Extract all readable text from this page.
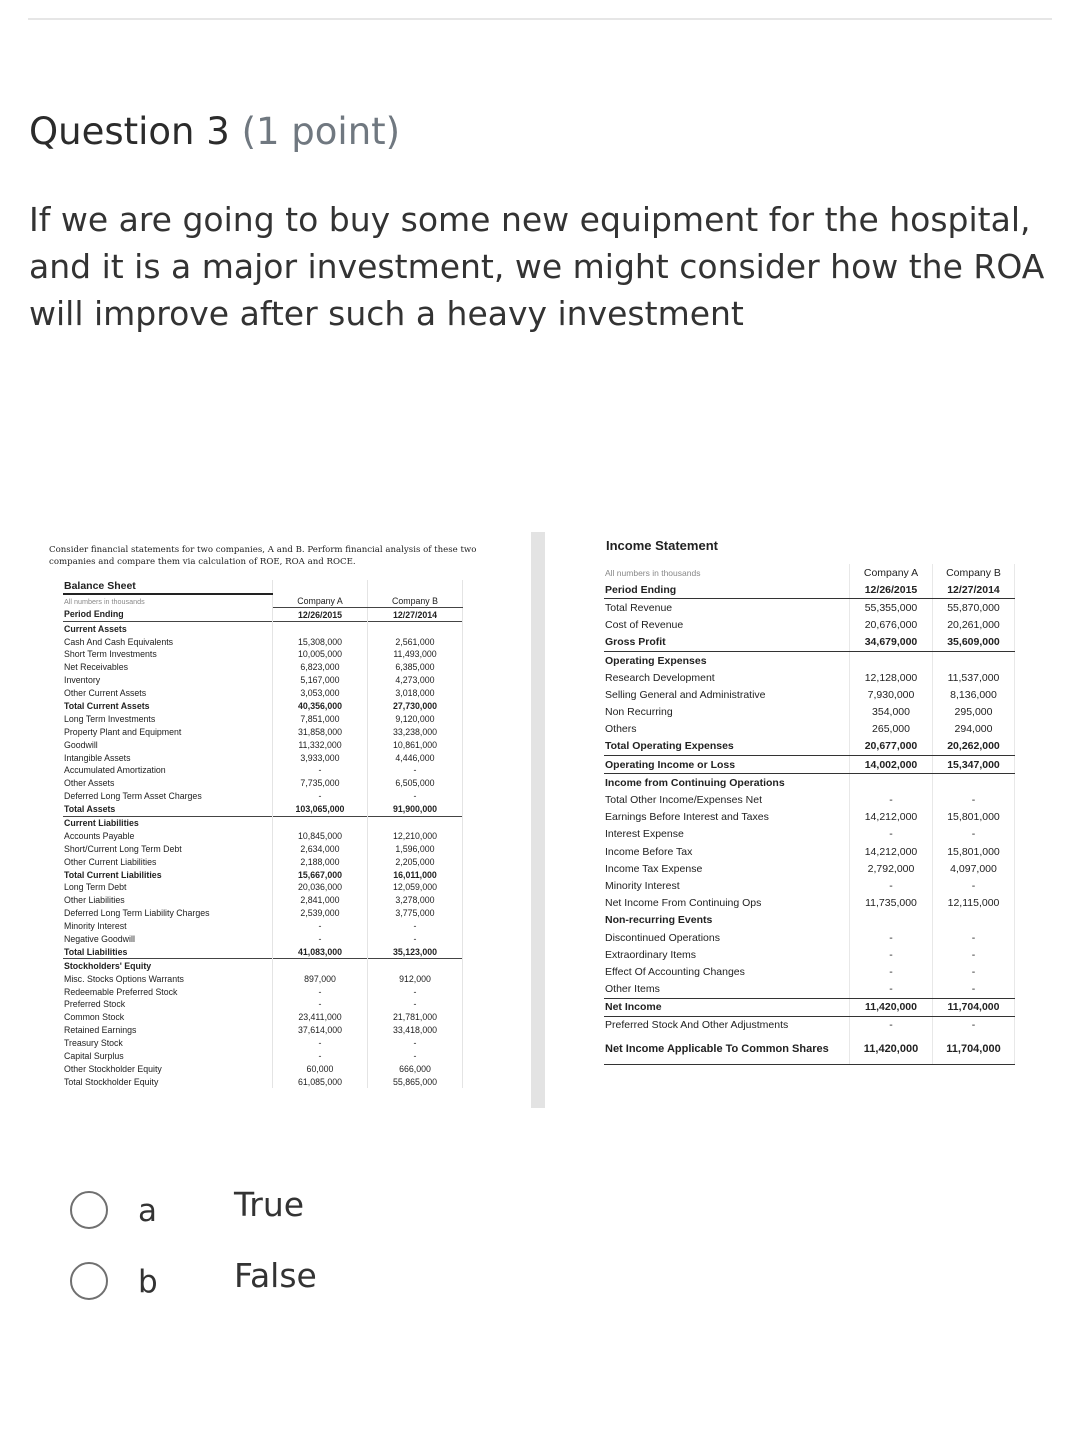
Question 3 (1 point)
If we are going to buy some new equipment for the hospital, and it is a major investment, we might consider how the ROA will improve after such a heavy investment
Consider financial statements for two companies, A and B. Perform financial analysis of these two companies and compare them via calculation of ROE, ROA and ROCE.
Balance Sheet		
All numbers in thousands	Company A	Company B
Period Ending	12/26/2015	12/27/2014
Current Assets		
Cash And Cash Equivalents	15,308,000	2,561,000
Short Term Investments	10,005,000	11,493,000
Net Receivables	6,823,000	6,385,000
Inventory	5,167,000	4,273,000
Other Current Assets	3,053,000	3,018,000
Total Current Assets	40,356,000	27,730,000
Long Term Investments	7,851,000	9,120,000
Property Plant and Equipment	31,858,000	33,238,000
Goodwill	11,332,000	10,861,000
Intangible Assets	3,933,000	4,446,000
Accumulated Amortization	-	-
Other Assets	7,735,000	6,505,000
Deferred Long Term Asset Charges	-	-
Total Assets	103,065,000	91,900,000
Current Liabilities		
Accounts Payable	10,845,000	12,210,000
Short/Current Long Term Debt	2,634,000	1,596,000
Other Current Liabilities	2,188,000	2,205,000
Total Current Liabilities	15,667,000	16,011,000
Long Term Debt	20,036,000	12,059,000
Other Liabilities	2,841,000	3,278,000
Deferred Long Term Liability Charges	2,539,000	3,775,000
Minority Interest	-	-
Negative Goodwill	-	-
Total Liabilities	41,083,000	35,123,000
Stockholders' Equity		
Misc. Stocks Options Warrants	897,000	912,000
Redeemable Preferred Stock	-	-
Preferred Stock	-	-
Common Stock	23,411,000	21,781,000
Retained Earnings	37,614,000	33,418,000
Treasury Stock	-	-
Capital Surplus	-	-
Other Stockholder Equity	60,000	666,000
Total Stockholder Equity	61,085,000	55,865,000
Income Statement
All numbers in thousands	Company A	Company B
Period Ending	12/26/2015	12/27/2014
Total Revenue	55,355,000	55,870,000
Cost of Revenue	20,676,000	20,261,000
Gross Profit	34,679,000	35,609,000
Operating Expenses		
Research Development	12,128,000	11,537,000
Selling General and Administrative	7,930,000	8,136,000
Non Recurring	354,000	295,000
Others	265,000	294,000
Total Operating Expenses	20,677,000	20,262,000
Operating Income or Loss	14,002,000	15,347,000
Income from Continuing Operations		
Total Other Income/Expenses Net	-	-
Earnings Before Interest and Taxes	14,212,000	15,801,000
Interest Expense	-	-
Income Before Tax	14,212,000	15,801,000
Income Tax Expense	2,792,000	4,097,000
Minority Interest	-	-
Net Income From Continuing Ops	11,735,000	12,115,000
Non-recurring Events		
Discontinued Operations	-	-
Extraordinary Items	-	-
Effect Of Accounting Changes	-	-
Other Items	-	-
Net Income	11,420,000	11,704,000
Preferred Stock And Other Adjustments	-	-
Net Income Applicable To Common Shares	11,420,000	11,704,000
a True
b False
